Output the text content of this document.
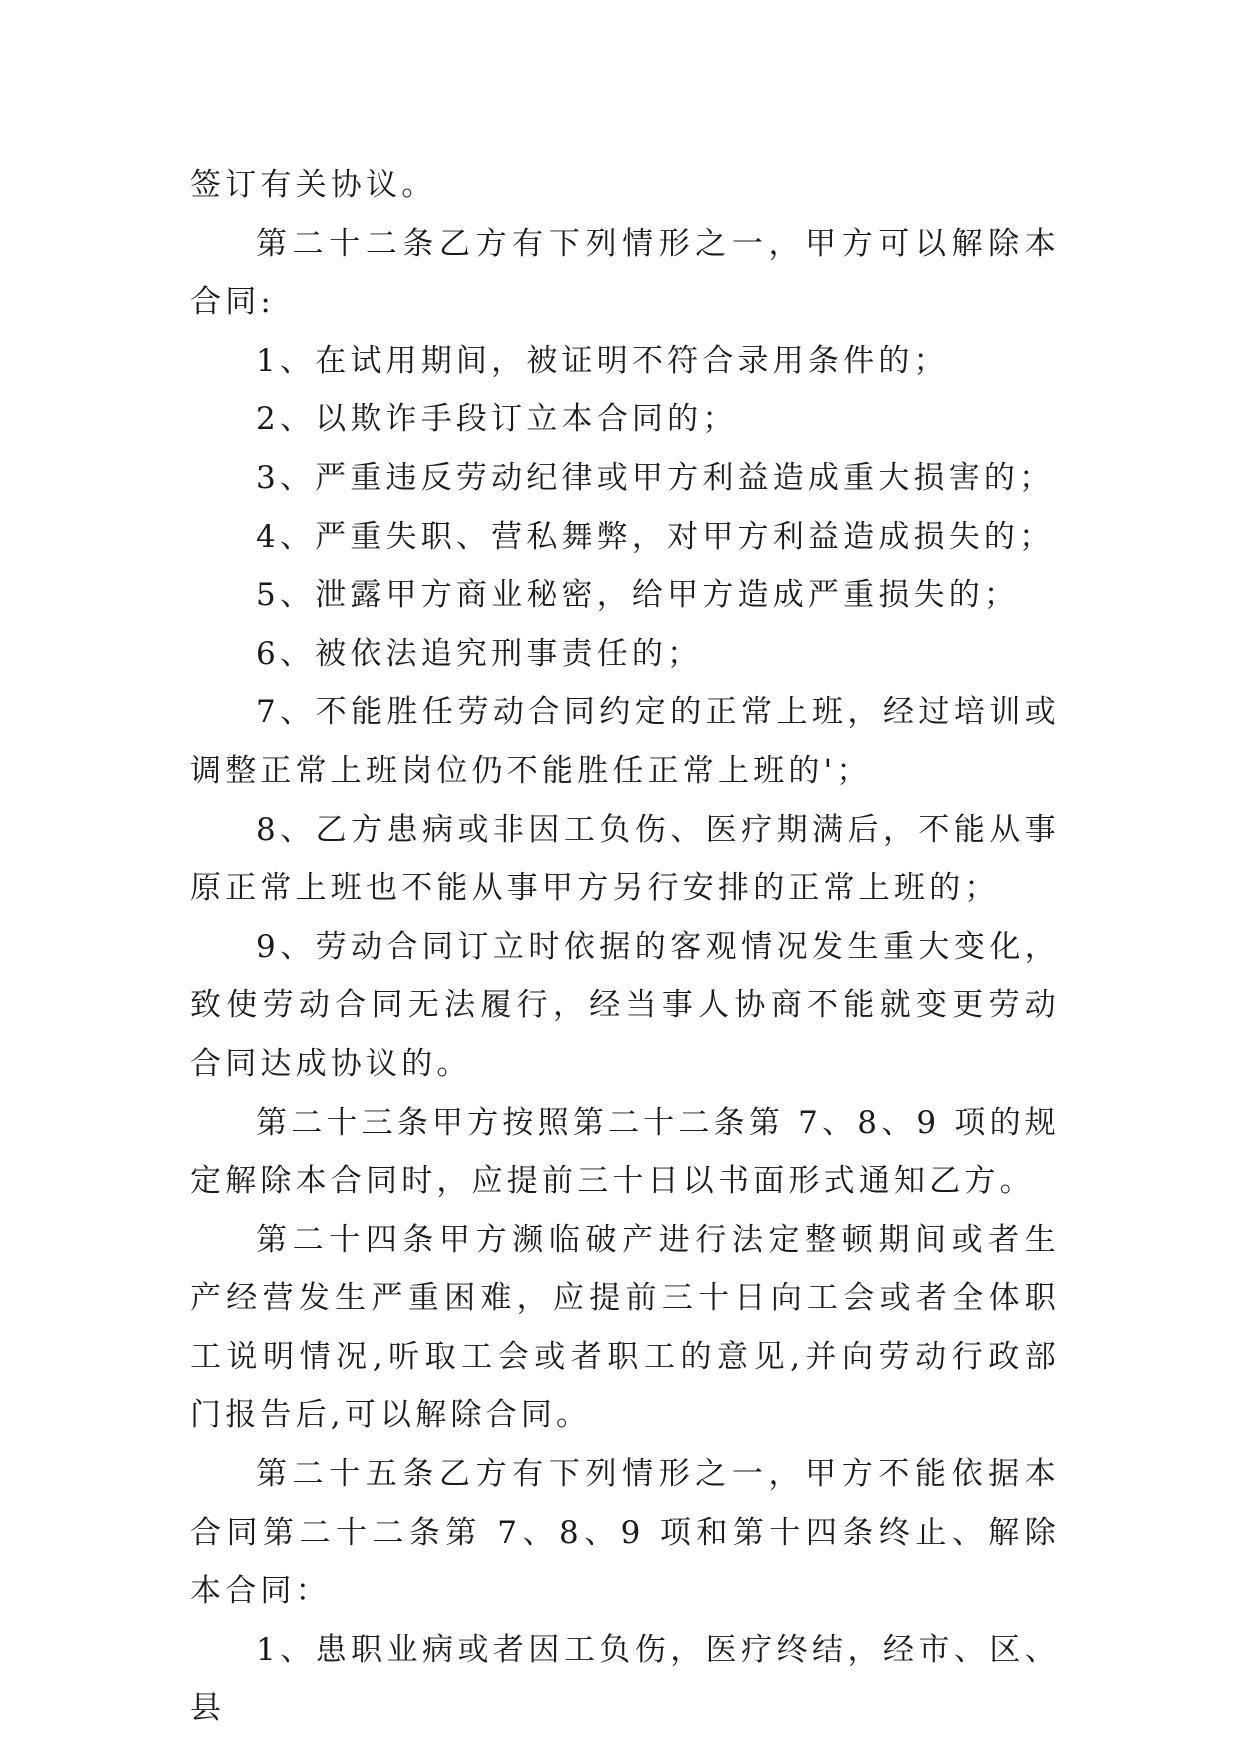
签订有关协议。

第二十二条乙方有下列情形之一，甲方可以解除本合同:

1、在试用期间，被证明不符合录用条件的；

2、以欺诈手段订立本合同的；

3、严重违反劳动纪律或甲方利益造成重大损害的；

4、严重失职、营私舞弊，对甲方利益造成损失的；

5、泄露甲方商业秘密，给甲方造成严重损失的；

6、被依法追究刑事责任的；

7、不能胜任劳动合同约定的正常上班，经过培训或调整正常上班岗位仍不能胜任正常上班的'；

8、乙方患病或非因工负伤、医疗期满后，不能从事原正常上班也不能从事甲方另行安排的正常上班的；

9、劳动合同订立时依据的客观情况发生重大变化，致使劳动合同无法履行，经当事人协商不能就变更劳动合同达成协议的。

第二十三条甲方按照第二十二条第 7、8、9 项的规定解除本合同时，应提前三十日以书面形式通知乙方。

第二十四条甲方濒临破产进行法定整顿期间或者生产经营发生严重困难，应提前三十日向工会或者全体职工说明情况,听取工会或者职工的意见,并向劳动行政部门报告后,可以解除合同。

第二十五条乙方有下列情形之一，甲方不能依据本合同第二十二条第 7、8、9 项和第十四条终止、解除本合同：

1、患职业病或者因工负伤，医疗终结，经市、区、县
